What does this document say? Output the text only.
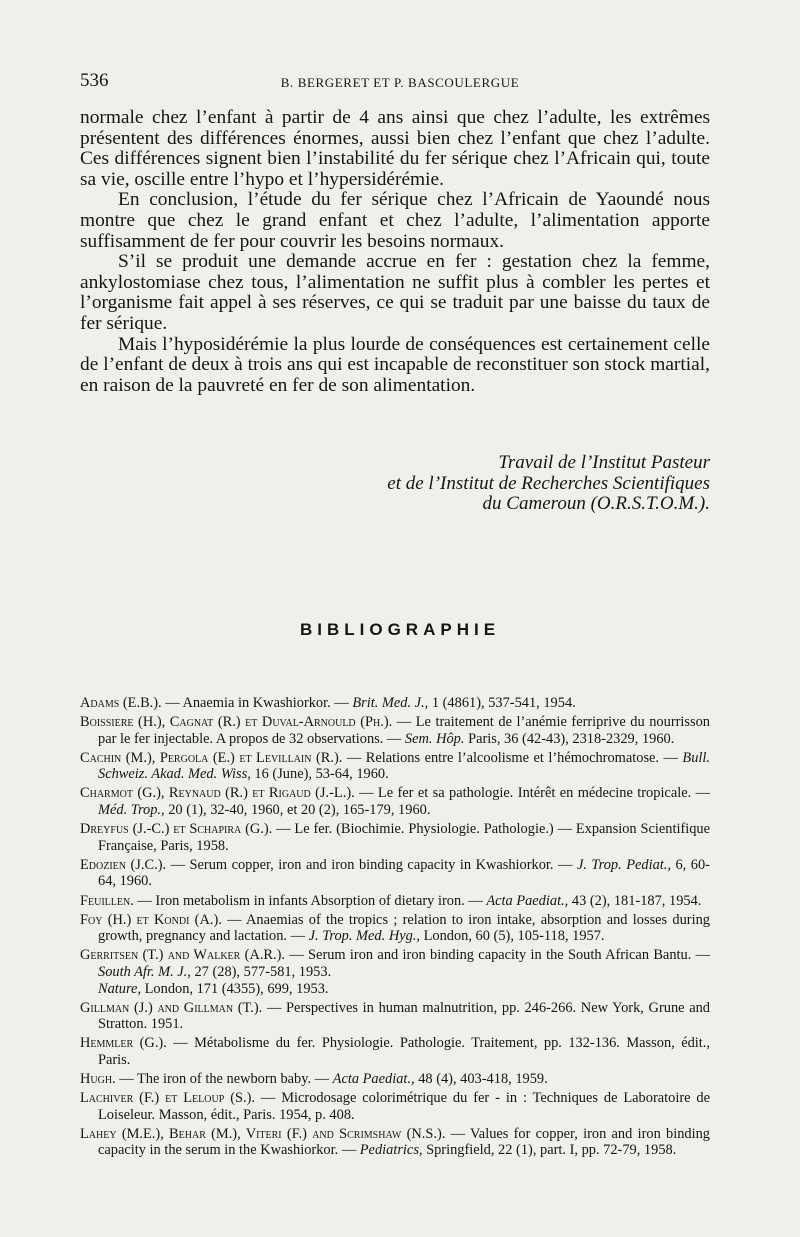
536	B. BERGERET ET P. BASCOULERGUE

normale chez l’enfant à partir de 4 ans ainsi que chez l’adulte, les extrêmes présentent des différences énormes, aussi bien chez l’enfant que chez l’adulte. Ces différences signent bien l’instabilité du fer sérique chez l’Africain qui, toute sa vie, oscille entre l’hypo et l’hypersidérémie.

En conclusion, l’étude du fer sérique chez l’Africain de Yaoundé nous montre que chez le grand enfant et chez l’adulte, l’alimentation apporte suffisamment de fer pour couvrir les besoins normaux.

S’il se produit une demande accrue en fer : gestation chez la femme, ankylostomiase chez tous, l’alimentation ne suffit plus à combler les pertes et l’organisme fait appel à ses réserves, ce qui se traduit par une baisse du taux de fer sérique.

Mais l’hyposidérémie la plus lourde de conséquences est certainement celle de l’enfant de deux à trois ans qui est incapable de reconstituer son stock martial, en raison de la pauvreté en fer de son alimentation.

Travail de l’Institut Pasteur
et de l’Institut de Recherches Scientifiques
du Cameroun (O.R.S.T.O.M.).
BIBLIOGRAPHIE

Adams (E.B.). — Anaemia in Kwashiorkor. — Brit. Med. J., 1 (4861), 537-541, 1954.

Boissiere (H.), Cagnat (R.) et Duval-Arnould (Ph.). — Le traitement de l’anémie ferriprive du nourrisson par le fer injectable. A propos de 32 observations. — Sem. Hôp. Paris, 36 (42-43), 2318-2329, 1960.

Cachin (M.), Pergola (E.) et Levillain (R.). — Relations entre l’alcoolisme et l’hémochromatose. — Bull. Schweiz. Akad. Med. Wiss, 16 (June), 53-64, 1960.

Charmot (G.), Reynaud (R.) et Rigaud (J.-L.). — Le fer et sa pathologie. Intérêt en médecine tropicale. — Méd. Trop., 20 (1), 32-40, 1960, et 20 (2), 165-179, 1960.

Dreyfus (J.-C.) et Schapira (G.). — Le fer. (Biochimie. Physiologie. Pathologie.) — Expansion Scientifique Française, Paris, 1958.

Edozien (J.C.). — Serum copper, iron and iron binding capacity in Kwashiorkor. — J. Trop. Pediat., 6, 60-64, 1960.

Feuillen. — Iron metabolism in infants Absorption of dietary iron. — Acta Paediat., 43 (2), 181-187, 1954.

Foy (H.) et Kondi (A.). — Anaemias of the tropics ; relation to iron intake, absorption and losses during growth, pregnancy and lactation. — J. Trop. Med. Hyg., London, 60 (5), 105-118, 1957.

Gerritsen (T.) and Walker (A.R.). — Serum iron and iron binding capacity in the South African Bantu. — South Afr. M. J., 27 (28), 577-581, 1953.
Nature, London, 171 (4355), 699, 1953.

Gillman (J.) and Gillman (T.). — Perspectives in human malnutrition, pp. 246-266. New York, Grune and Stratton. 1951.

Hemmler (G.). — Métabolisme du fer. Physiologie. Pathologie. Traitement, pp. 132-136. Masson, édit., Paris.

Hugh. — The iron of the newborn baby. — Acta Paediat., 48 (4), 403-418, 1959.

Lachiver (F.) et Leloup (S.). — Microdosage colorimétrique du fer - in : Techniques de Laboratoire de Loiseleur. Masson, édit., Paris. 1954, p. 408.

Lahey (M.E.), Behar (M.), Viteri (F.) and Scrimshaw (N.S.). — Values for copper, iron and iron binding capacity in the serum in the Kwashiorkor. — Pediatrics, Springfield, 22 (1), part. I, pp. 72-79, 1958.
